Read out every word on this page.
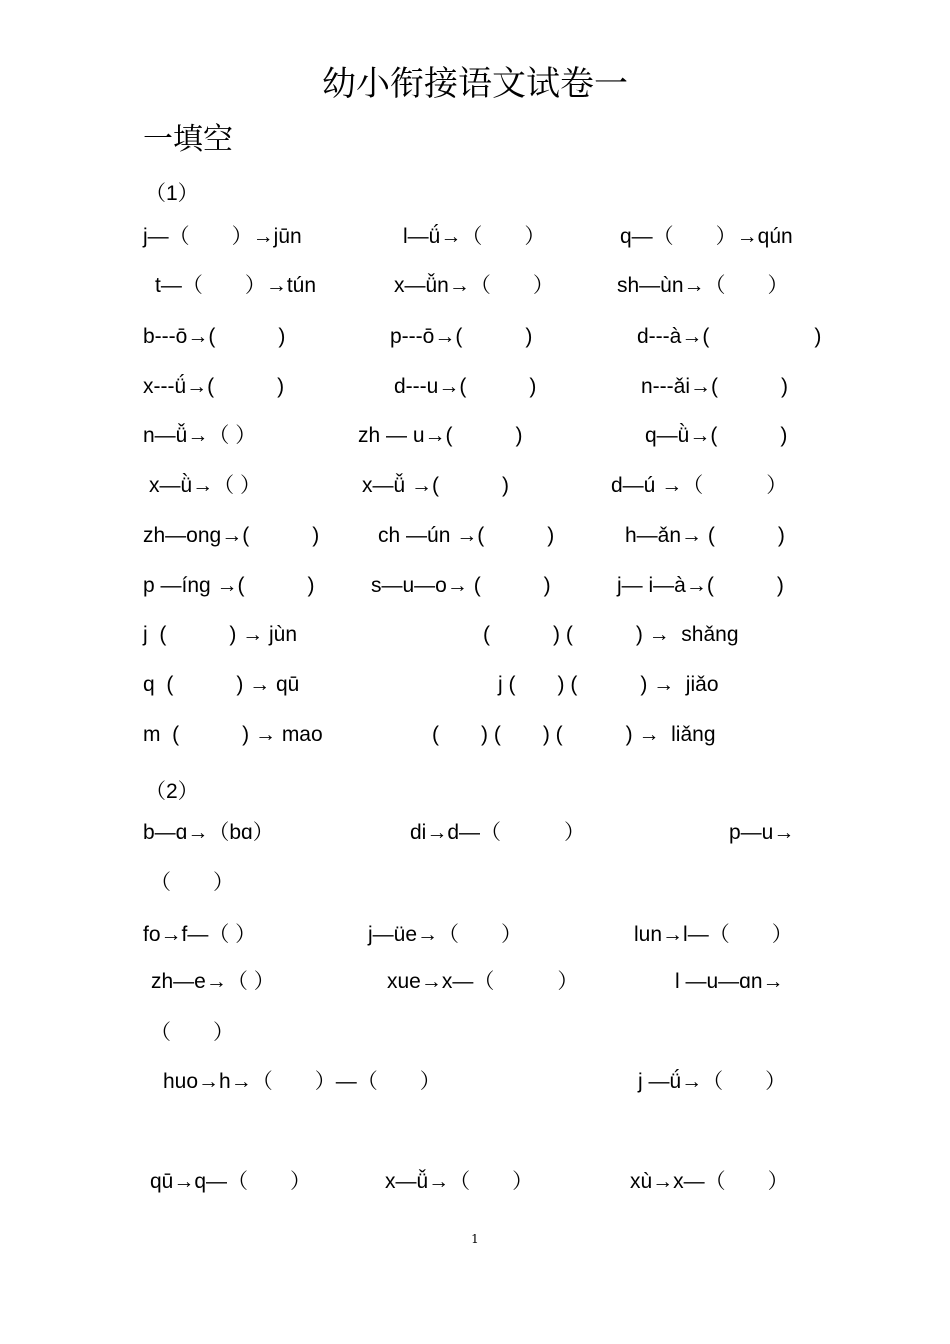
幼小衔接语文试卷一
一填空
（1）
j—（　　）→jūn	l—ǘ→（　　）	q—（　　）→qún
t—（　　）→tún	x—ǚn→（　　）	sh—ùn→（　　）
b---ō→(　　　)	p---ō→(　　　)	d---à→(　　　　　)
x---ǘ→(　　　)	d---u→(　　　)	n---ǎi→(　　　)
n—ǚ→（ ）	zh — u→(　　　)	q—ǜ→(　　　)
x—ǜ→（ ）	x—ǚ →(　　　)	d—ú →（　　　）
zh—ong→(　　　)	ch —ún →(　　　)	h—ǎn→ (　　　)
p —íng →(　　　)	s—u—o→ (　　　)	j— i—à→(　　　)
j  (　　　) → jùn	(　　　) (　　　) →  shǎng
q  (　　　) → qū	j (　　) (　　　) →  jiǎo
m  (　　　) → mao	(　　) (　　) (　　　) →  liǎng
（2）
b—ɑ→（bɑ）	di→d—（　　　）	p—u→
（　　）
fo→f—（ ）	j—üe→（　　）	lun→l—（　　）
zh—e→（ ）	xue→x—（　　　）	l —u—ɑn→
（　　）
huo→h→（　　）—（　　）	j —ǘ→（　　）
qū→q—（　　）	x—ǚ→（　　）	xù→x—（　　）
1
